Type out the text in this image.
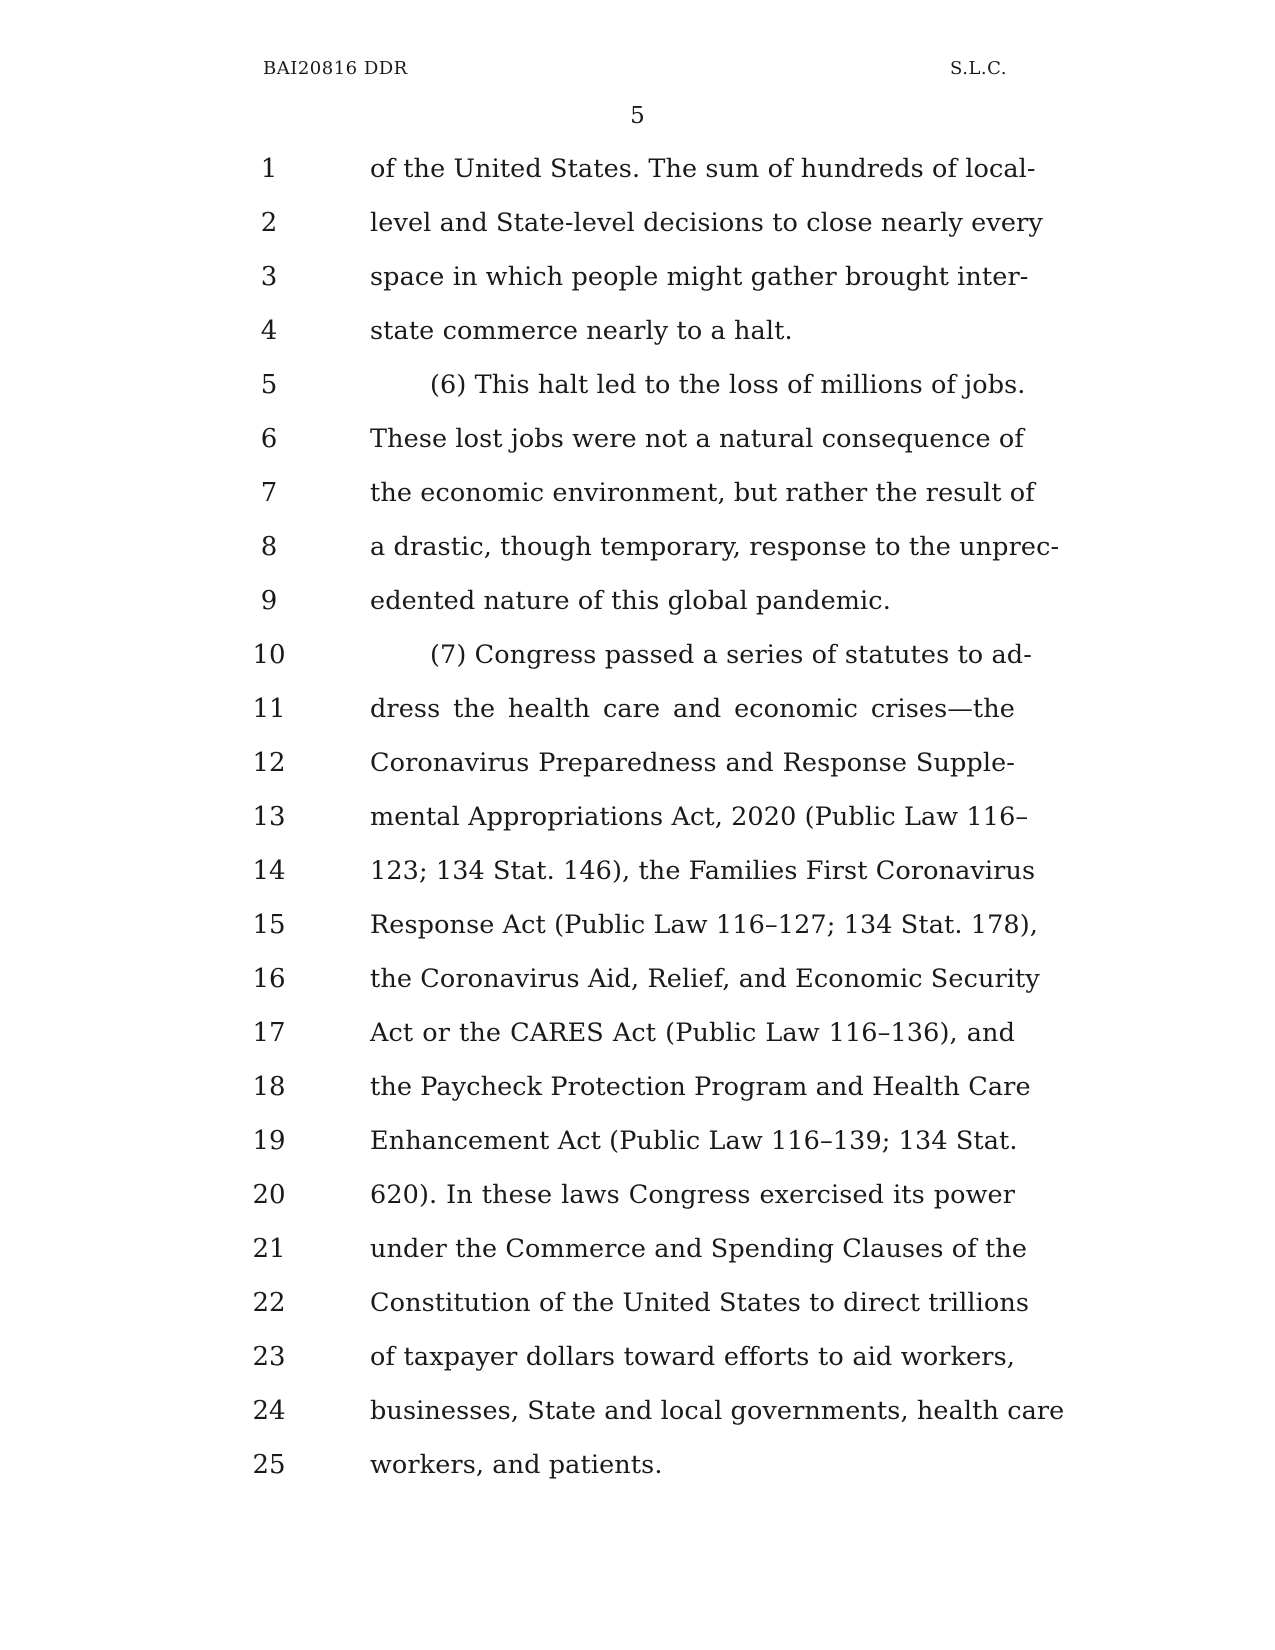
BAI20816 DDR	S.L.C.
5
1	of the United States. The sum of hundreds of local-
2	level and State-level decisions to close nearly every
3	space in which people might gather brought inter-
4	state commerce nearly to a halt.
5	(6) This halt led to the loss of millions of jobs.
6	These lost jobs were not a natural consequence of
7	the economic environment, but rather the result of
8	a drastic, though temporary, response to the unprec-
9	edented nature of this global pandemic.
10	(7) Congress passed a series of statutes to ad-
11	dress the health care and economic crises—the
12	Coronavirus Preparedness and Response Supple-
13	mental Appropriations Act, 2020 (Public Law 116–
14	123; 134 Stat. 146), the Families First Coronavirus
15	Response Act (Public Law 116–127; 134 Stat. 178),
16	the Coronavirus Aid, Relief, and Economic Security
17	Act or the CARES Act (Public Law 116–136), and
18	the Paycheck Protection Program and Health Care
19	Enhancement Act (Public Law 116–139; 134 Stat.
20	620). In these laws Congress exercised its power
21	under the Commerce and Spending Clauses of the
22	Constitution of the United States to direct trillions
23	of taxpayer dollars toward efforts to aid workers,
24	businesses, State and local governments, health care
25	workers, and patients.
